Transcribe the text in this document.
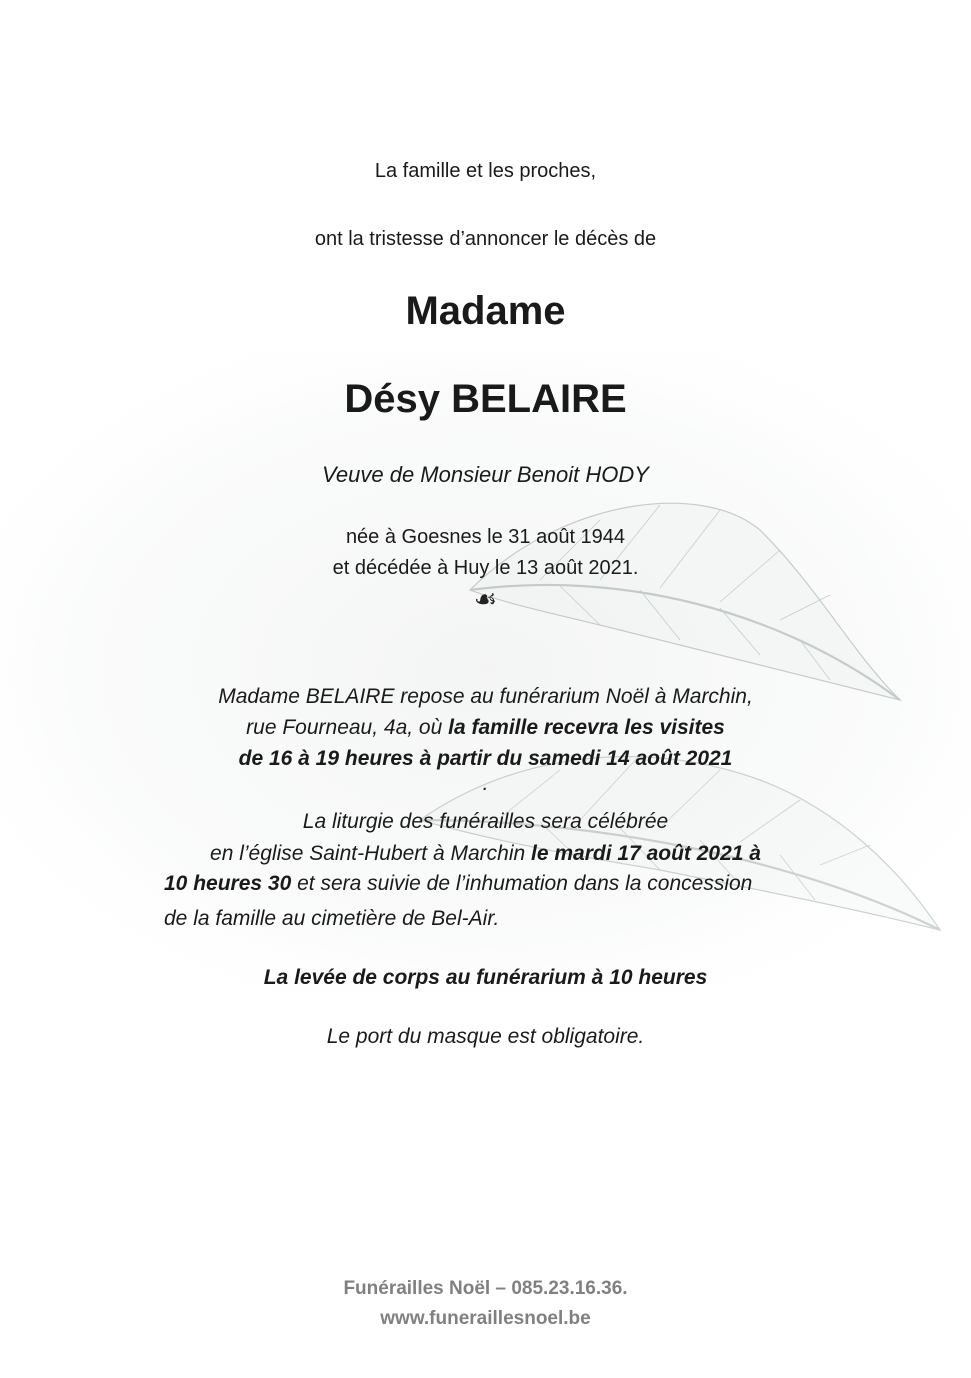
La famille et les proches,

ont la tristesse d’annoncer le décès de

Madame

Désy BELAIRE

Veuve de Monsieur Benoit HODY

née à Goesnes le 31 août 1944

et décédée à Huy le 13 août 2021.

☙

Madame BELAIRE repose au funérarium Noël à Marchin,

rue Fourneau, 4a, où la famille recevra les visites

de 16 à 19 heures à partir du samedi 14 août 2021

.

La liturgie des funérailles sera célébrée

en l’église Saint-Hubert à Marchin le mardi 17 août 2021 à

10 heures 30 et sera suivie de l’inhumation dans la concession

de la famille au cimetière de Bel-Air.

La levée de corps au funérarium à 10 heures

Le port du masque est obligatoire.

Funérailles Noël – 085.23.16.36.

www.funeraillesnoel.be
